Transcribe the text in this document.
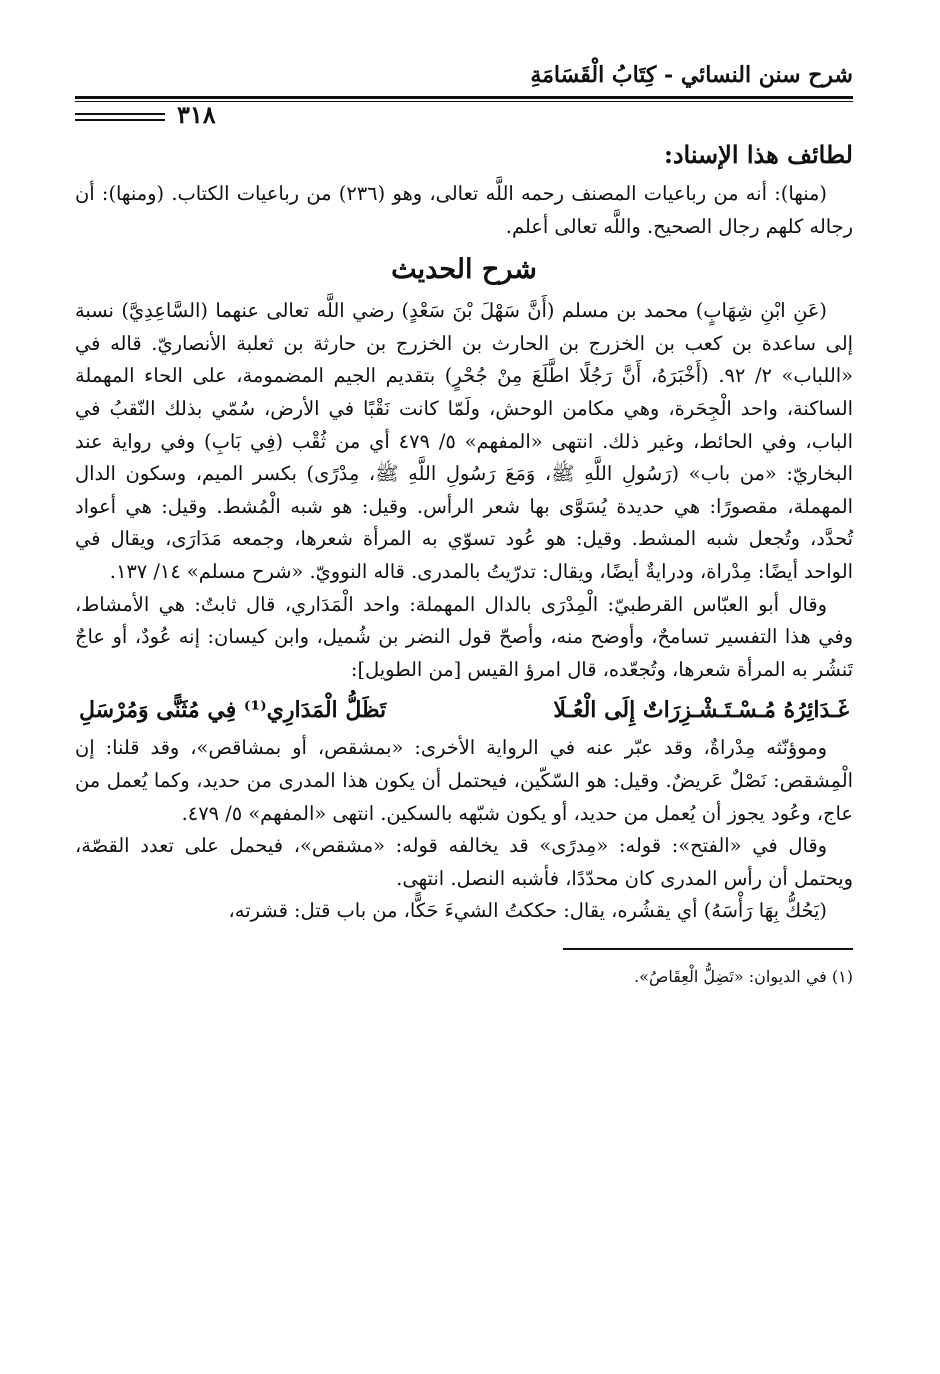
شرح سنن النسائي - كِتَابُ الْقَسَامَةِ
٣١٨
لطائف هذا الإسناد:

(منها): أنه من رباعيات المصنف رحمه اللَّه تعالى، وهو (٢٣٦) من رباعيات الكتاب. (ومنها): أن رجاله كلهم رجال الصحيح. واللَّه تعالى أعلم.

شرح الحديث

(عَنِ ابْنِ شِهَابٍ) محمد بن مسلم (أَنَّ سَهْلَ بْنَ سَعْدٍ) رضي اللَّه تعالى عنهما (السَّاعِدِيَّ) نسبة إلى ساعدة بن كعب بن الخزرج بن الحارث بن الخزرج بن حارثة بن ثعلبة الأنصاريّ. قاله في «اللباب» ٢/ ٩٢. (أَخْبَرَهُ، أَنَّ رَجُلًا اطَّلَعَ مِنْ جُحْرٍ) بتقديم الجيم المضمومة، على الحاء المهملة الساكنة، واحد الْجِحَرة، وهي مكامن الوحش، ولَمّا كانت نَقْبًا في الأرض، سُمّي بذلك النّقبُ في الباب، وفي الحائط، وغير ذلك. انتهى «المفهم» ٥/ ٤٧٩ أي من ثُقْب (فِي بَابِ) وفي رواية عند البخاريّ: «من باب» (رَسُولِ اللَّهِ ﷺ، وَمَعَ رَسُولِ اللَّهِ ﷺ، مِدْرًى) بكسر الميم، وسكون الدال المهملة، مقصورًا: هي حديدة يُسَوَّى بها شعر الرأس. وقيل: هو شبه الْمُشط. وقيل: هي أعواد تُحدَّد، وتُجعل شبه المشط. وقيل: هو عُود تسوّي به المرأة شعرها، وجمعه مَدَارَى، ويقال في الواحد أيضًا: مِدْراة، ودرايةٌ أيضًا، ويقال: تدرّيتُ بالمدرى. قاله النوويّ. «شرح مسلم» ١٤/ ١٣٧.

وقال أبو العبّاس القرطبيّ: الْمِدْرَى بالدال المهملة: واحد الْمَدَاري، قال ثابتٌ: هي الأمشاط، وفي هذا التفسير تسامحٌ، وأوضح منه، وأصحّ قول النضر بن شُميل، وابن كيسان: إنه عُودٌ، أو عاجٌ تَنشُر به المرأة شعرها، وتُجعّده، قال امرؤ القيس [من الطويل]:

غَـدَائِرُهُ مُـسْـتَـشْـزِرَاتٌ إِلَى الْعُـلَا
تَظَلُّ الْمَدَارِي⁽¹⁾ فِي مُثَنًّى وَمُرْسَلِ

وموؤنّثه مِدْراةٌ، وقد عبّر عنه في الرواية الأخرى: «بمشقص، أو بمشاقص»، وقد قلنا: إن الْمِشقص: نَصْلٌ عَريضٌ. وقيل: هو السّكّين، فيحتمل أن يكون هذا المدرى من حديد، وكما يُعمل من عاج، وعُود يجوز أن يُعمل من حديد، أو يكون شبّهه بالسكين. انتهى «المفهم» ٥/ ٤٧٩.

وقال في «الفتح»: قوله: «مِدرًى» قد يخالفه قوله: «مشقص»، فيحمل على تعدد القصّة، ويحتمل أن رأس المدرى كان محدّدًا، فأشبه النصل. انتهى.

(يَحُكُّ بِهَا رَأْسَهُ) أي يقشُره، يقال: حككتُ الشيءَ حَكًّا، من باب قتل: قشرته،

(١) في الديوان: «تَضِلُّ الْعِقَاصُ».
